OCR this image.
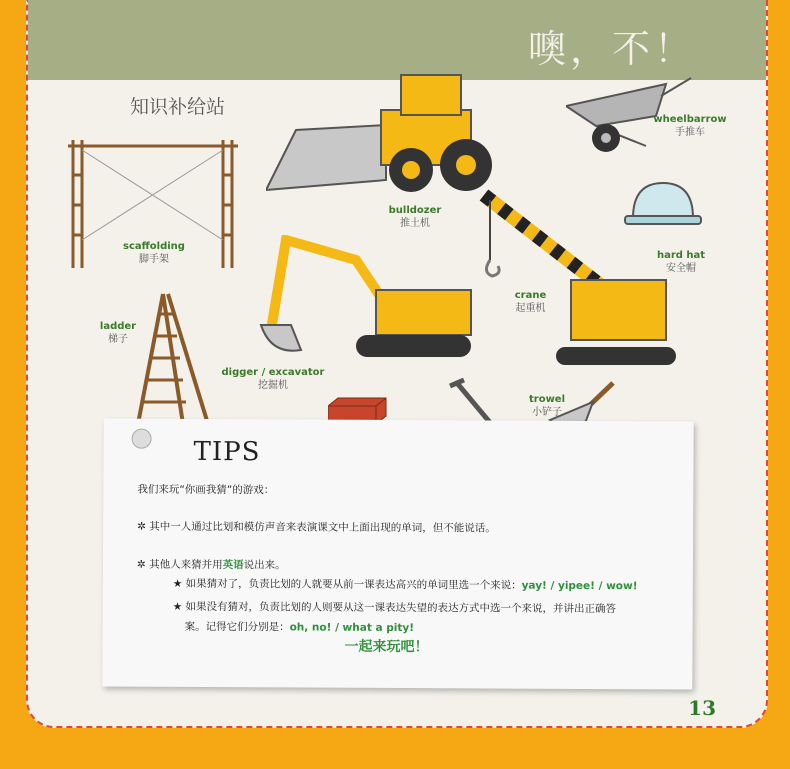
噢，不！
知识补给站
scaffolding
脚手架
bulldozer
推土机
wheelbarrow
手推车
hard hat
安全帽
ladder
梯子
crane
起重机
digger / excavator
挖掘机
trowel
小铲子
TIPS
我们来玩“你画我猜”的游戏：
✲ 其中一人通过比划和模仿声音来表演课文中上面出现的单词，但不能说话。
✲ 其他人来猜并用英语说出来。
★ 如果猜对了，负责比划的人就要从前一课表达高兴的单词里选一个来说：yay! / yipee! / wow!
★ 如果没有猜对，负责比划的人则要从这一课表达失望的表达方式中选一个来说，并讲出正确答
案。记得它们分别是：oh, no! / what a pity!
一起来玩吧！
13
